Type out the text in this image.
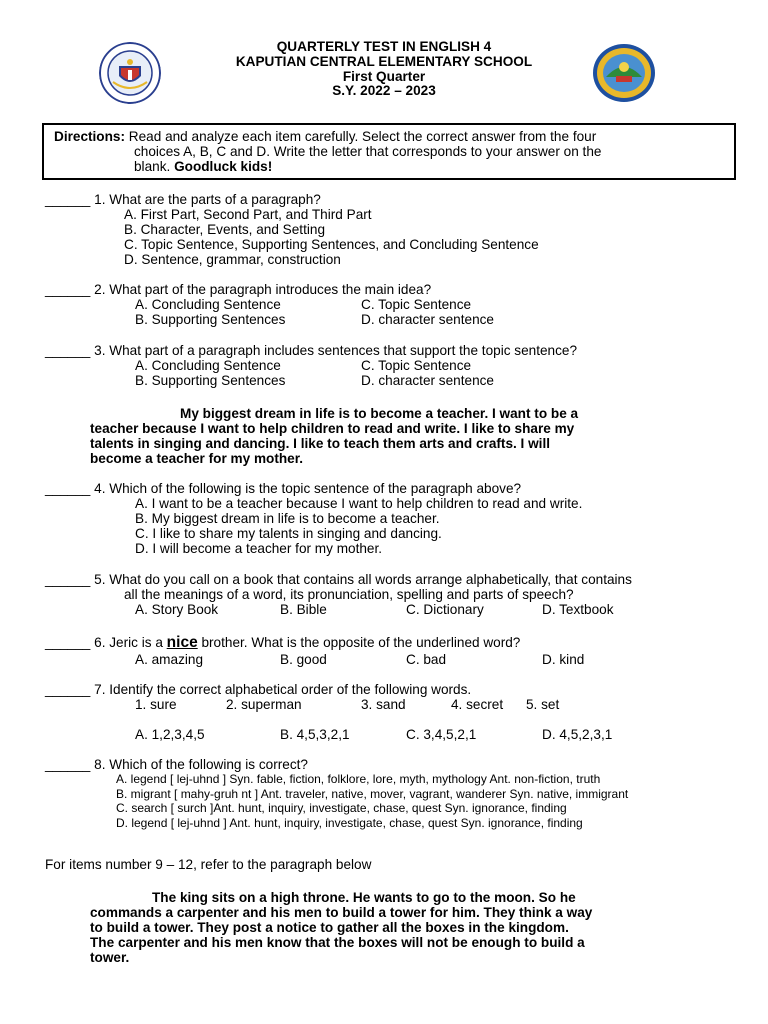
QUARTERLY TEST IN ENGLISH 4
KAPUTIAN CENTRAL ELEMENTARY SCHOOL
First Quarter
S.Y. 2022 – 2023
Directions: Read and analyze each item carefully. Select the correct answer from the four
choices A, B, C and D. Write the letter that corresponds to your answer on the
blank. Goodluck kids!
______ 1. What are the parts of a paragraph?
A. First Part, Second Part, and Third Part
B. Character, Events, and Setting
C. Topic Sentence, Supporting Sentences, and Concluding Sentence
D. Sentence, grammar, construction
______ 2. What part of the paragraph introduces the main idea?
A. Concluding Sentence	C. Topic Sentence
B. Supporting Sentences	D. character sentence
______ 3. What part of a paragraph includes sentences that support the topic sentence?
A. Concluding Sentence	C. Topic Sentence
B. Supporting Sentences	D. character sentence
My biggest dream in life is to become a teacher. I want to be a
teacher because I want to help children to read and write. I like to share my
talents in singing and dancing. I like to teach them arts and crafts. I will
become a teacher for my mother.
______ 4. Which of the following is the topic sentence of the paragraph above?
A. I want to be a teacher because I want to help children to read and write.
B. My biggest dream in life is to become a teacher.
C. I like to share my talents in singing and dancing.
D. I will become a teacher for my mother.
______ 5. What do you call on a book that contains all words arrange alphabetically, that contains
all the meanings of a word, its pronunciation, spelling and parts of speech?
A. Story Book	B. Bible	C. Dictionary	D. Textbook
______ 6. Jeric is a nice brother. What is the opposite of the underlined word?
A. amazing	B. good	C. bad	D. kind
______ 7. Identify the correct alphabetical order of the following words.
1. sure	2. superman	3. sand	4. secret 5. set
A. 1,2,3,4,5	B. 4,5,3,2,1	C. 3,4,5,2,1	D. 4,5,2,3,1
______ 8. Which of the following is correct?
A. legend [ lej-uhnd ] Syn. fable, fiction, folklore, lore, myth, mythology Ant. non-fiction, truth
B. migrant [ mahy-gruh nt ] Ant. traveler, native, mover, vagrant, wanderer Syn. native, immigrant
C. search [ surch ]Ant. hunt, inquiry, investigate, chase, quest Syn. ignorance, finding
D. legend [ lej-uhnd ] Ant. hunt, inquiry, investigate, chase, quest Syn. ignorance, finding
For items number 9 – 12, refer to the paragraph below
The king sits on a high throne. He wants to go to the moon. So he
commands a carpenter and his men to build a tower for him. They think a way
to build a tower. They post a notice to gather all the boxes in the kingdom.
The carpenter and his men know that the boxes will not be enough to build a
tower.
